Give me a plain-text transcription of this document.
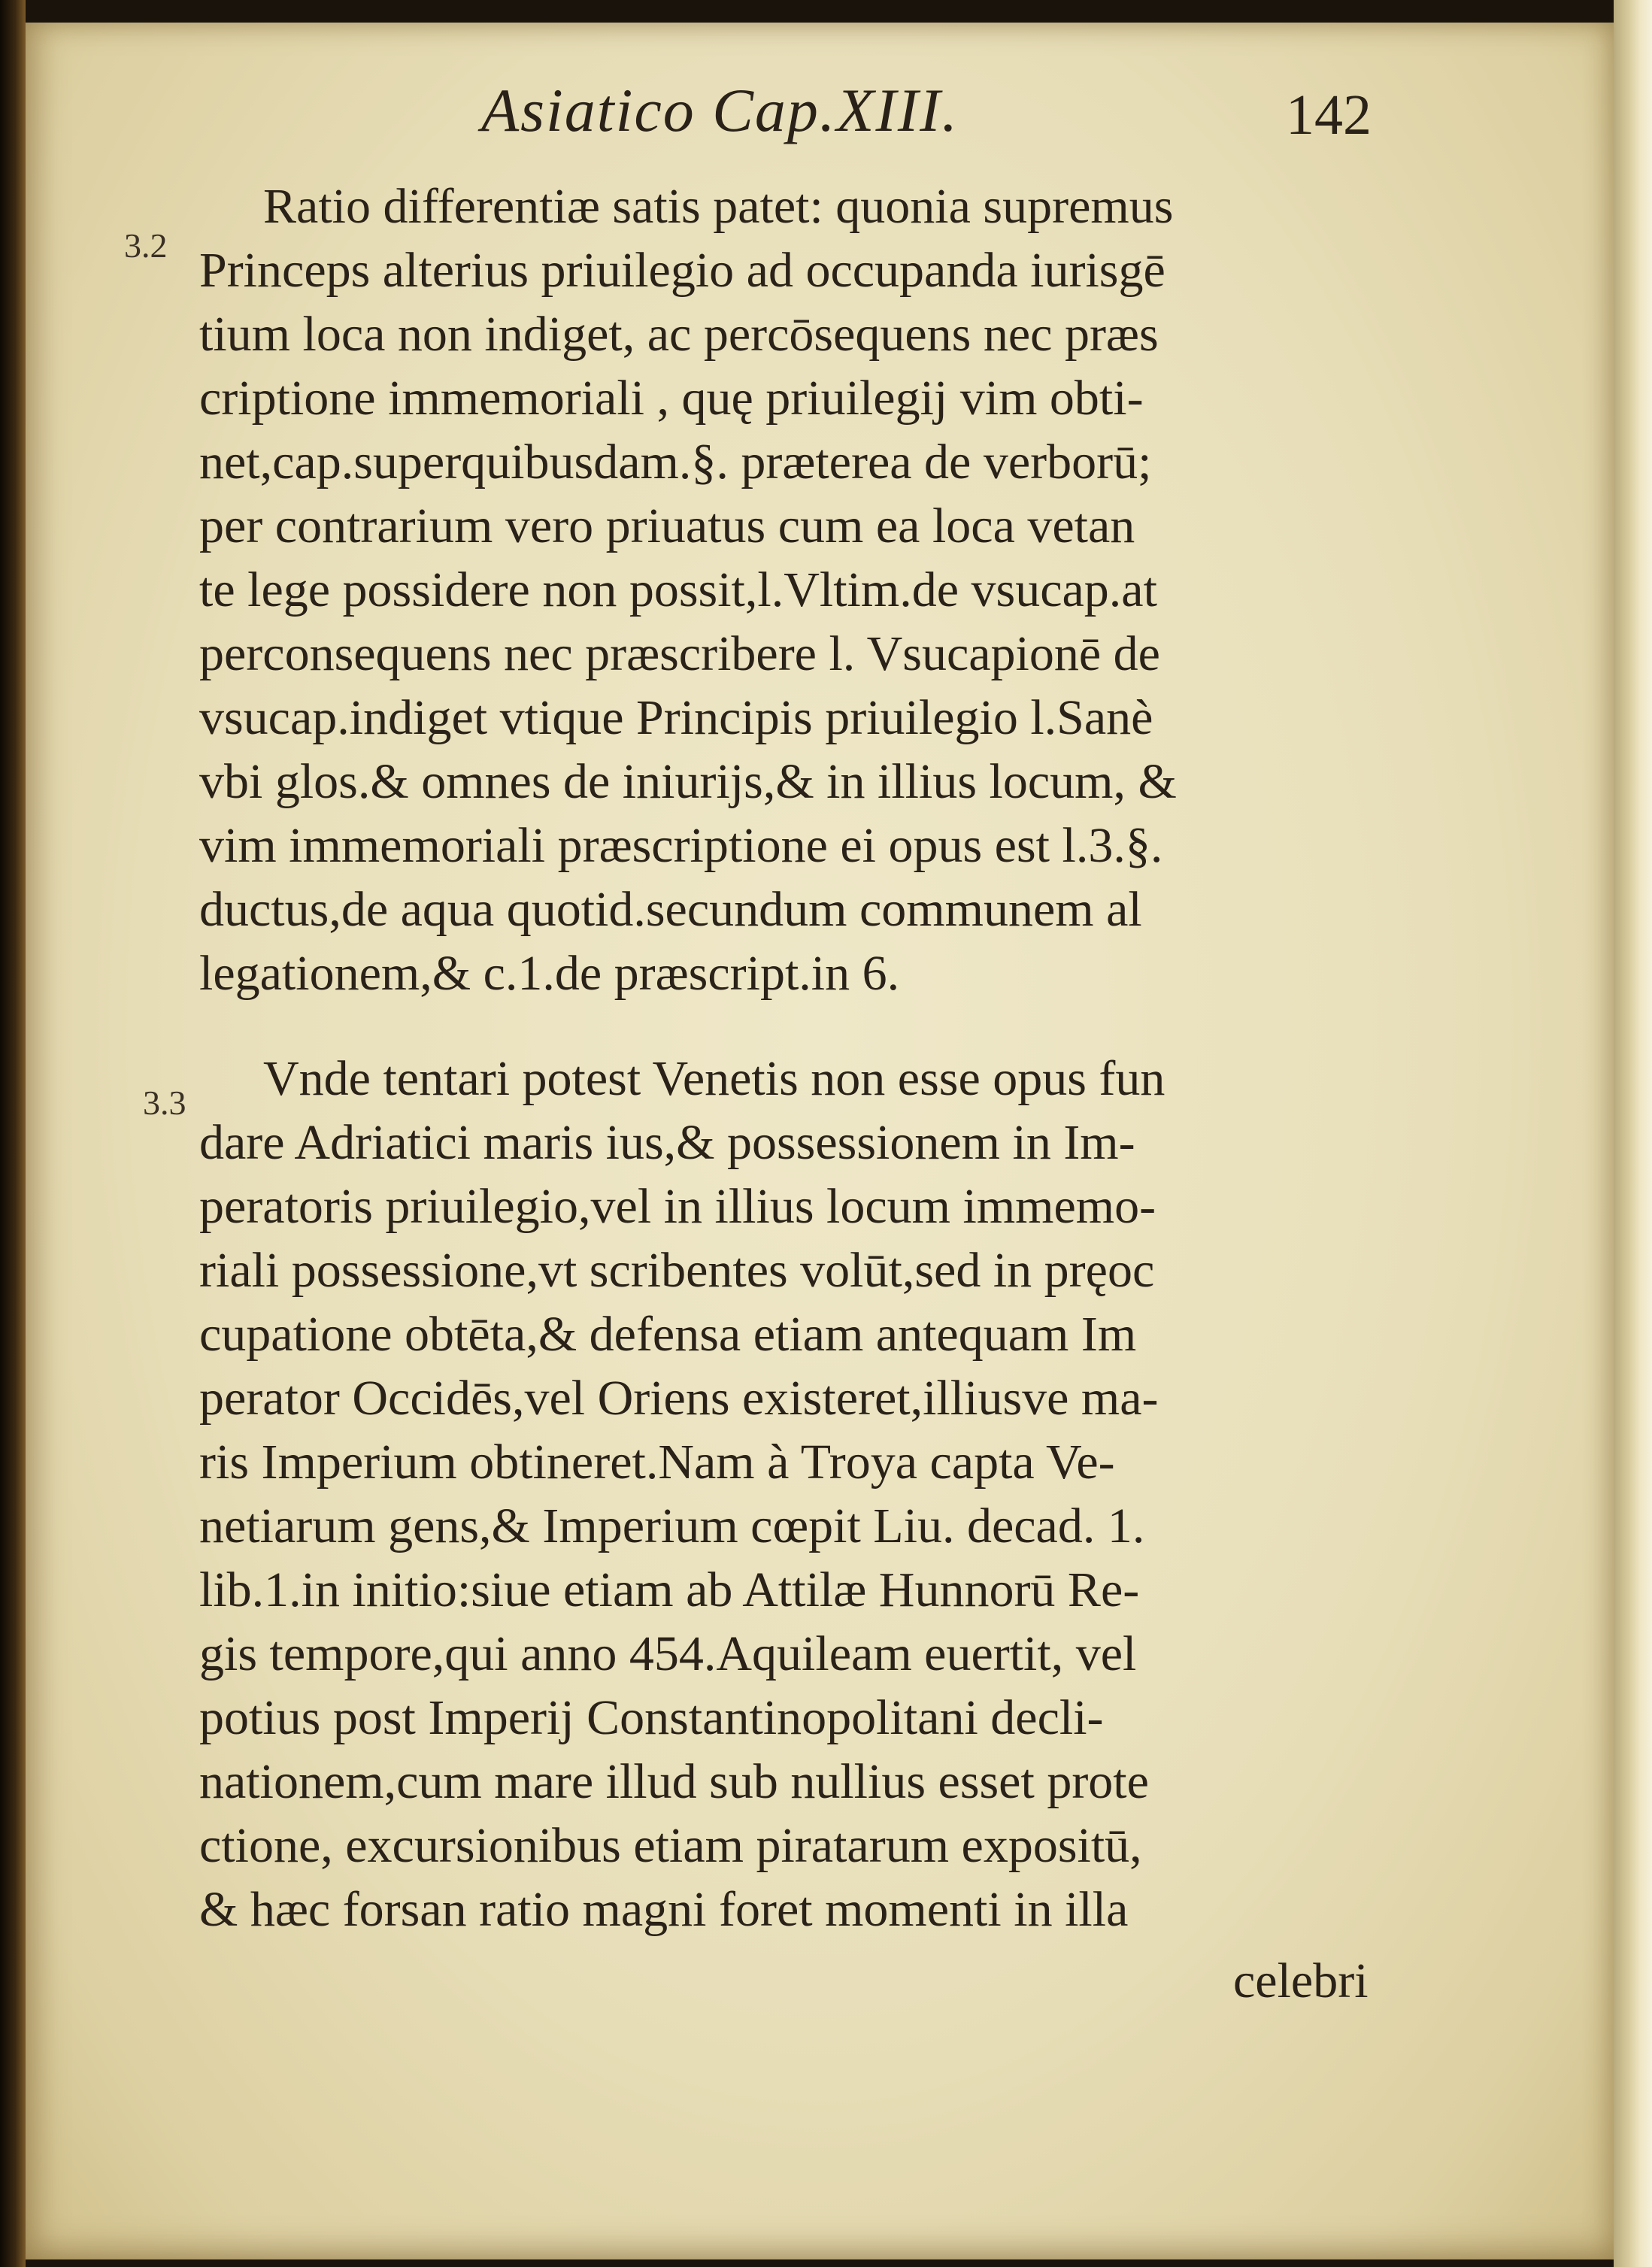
Asiatico Cap.XIII.	142
3.2
3.3
Ratio differentiæ satis patet: quonia supremus
Princeps alterius priuilegio ad occupanda iurisgē
tium loca non indiget, ac percōsequens nec præs
criptione immemoriali , quę priuilegij vim obti-
net,cap.superquibusdam.§. præterea de verborū;
per contrarium vero priuatus cum ea loca vetan
te lege possidere non possit,l.Vltim.de vsucap.at
perconsequens nec præscribere l. Vsucapionē de
vsucap.indiget vtique Principis priuilegio l.Sanè
vbi glos.& omnes de iniurijs,& in illius locum, &
vim immemoriali præscriptione ei opus est l.3.§.
ductus,de aqua quotid.secundum communem al
legationem,& c.1.de præscript.in 6.
Vnde tentari potest Venetis non esse opus fun
dare Adriatici maris ius,& possessionem in Im-
peratoris priuilegio,vel in illius locum immemo-
riali possessione,vt scribentes volūt,sed in pręoc
cupatione obtēta,& defensa etiam antequam Im
perator Occidēs,vel Oriens existeret,illiusve ma-
ris Imperium obtineret.Nam à Troya capta Ve-
netiarum gens,& Imperium cœpit Liu. decad. 1.
lib.1.in initio:siue etiam ab Attilæ Hunnorū Re-
gis tempore,qui anno 454.Aquileam euertit, vel
potius post Imperij Constantinopolitani decli-
nationem,cum mare illud sub nullius esset prote
ctione, excursionibus etiam piratarum expositū,
& hæc forsan ratio magni foret momenti in illa
celebri
